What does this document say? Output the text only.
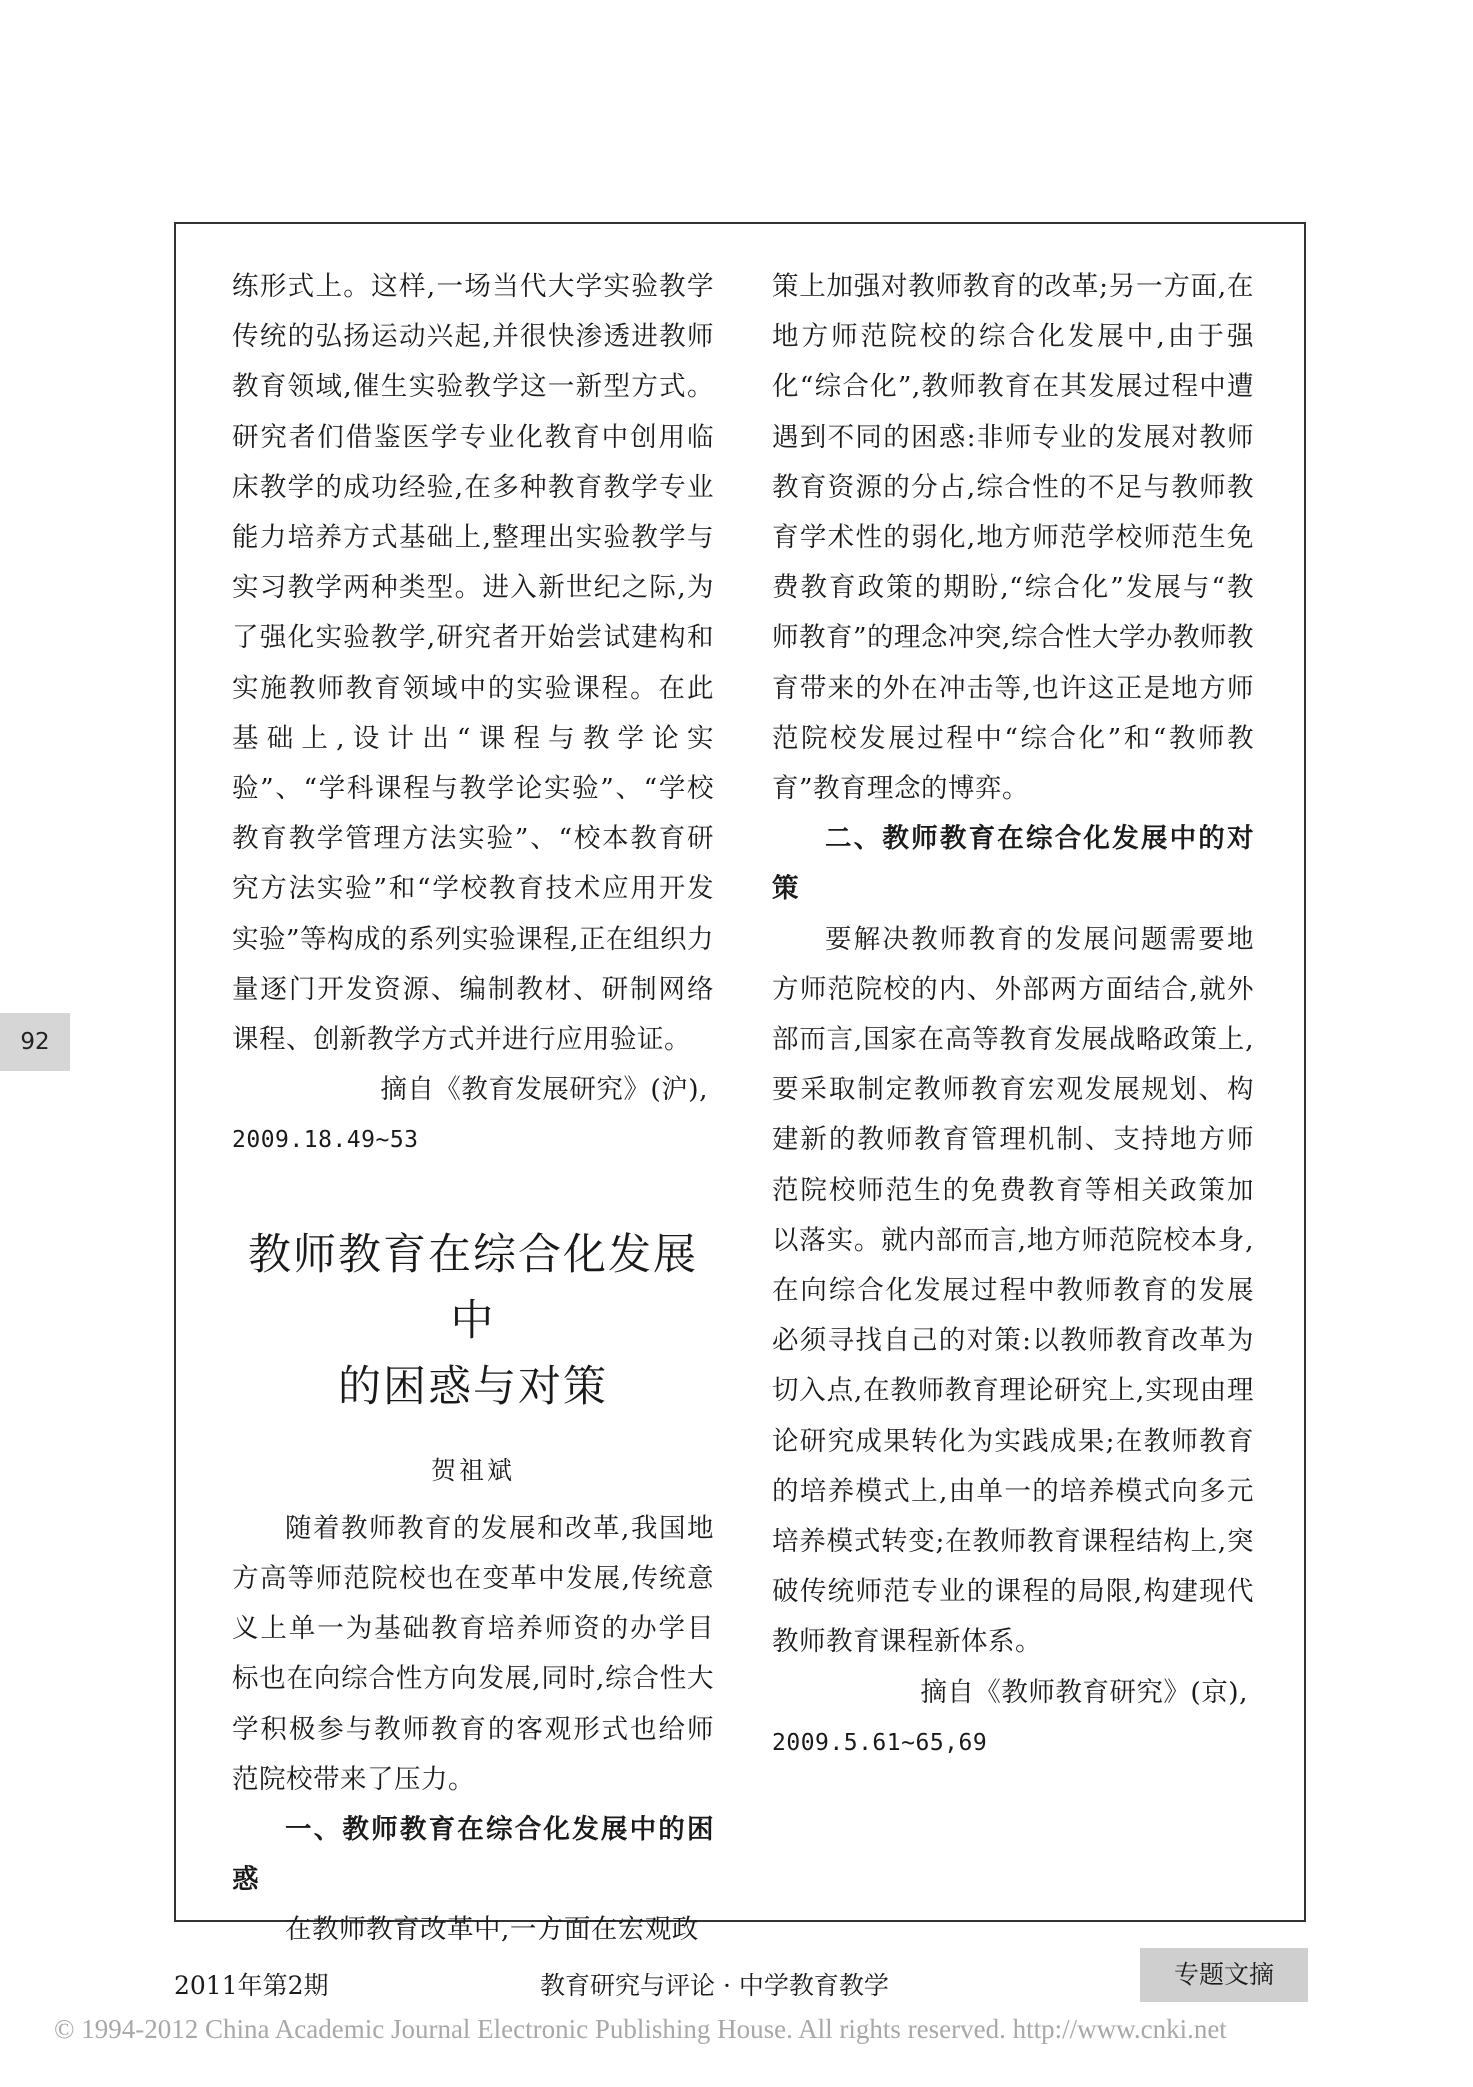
92

练形式上。这样,一场当代大学实验教学传统的弘扬运动兴起,并很快渗透进教师教育领域,催生实验教学这一新型方式。研究者们借鉴医学专业化教育中创用临床教学的成功经验,在多种教育教学专业能力培养方式基础上,整理出实验教学与实习教学两种类型。进入新世纪之际,为了强化实验教学,研究者开始尝试建构和实施教师教育领域中的实验课程。在此基础上,设计出“课程与教学论实验”、“学科课程与教学论实验”、“学校教育教学管理方法实验”、“校本教育研究方法实验”和“学校教育技术应用开发实验”等构成的系列实验课程,正在组织力量逐门开发资源、编制教材、研制网络课程、创新教学方式并进行应用验证。

摘自《教育发展研究》(沪),

2009.18.49~53

教师教育在综合化发展中
的困惑与对策
贺祖斌

随着教师教育的发展和改革,我国地方高等师范院校也在变革中发展,传统意义上单一为基础教育培养师资的办学目标也在向综合性方向发展,同时,综合性大学积极参与教师教育的客观形式也给师范院校带来了压力。

一、教师教育在综合化发展中的困惑

在教师教育改革中,一方面在宏观政

策上加强对教师教育的改革;另一方面,在地方师范院校的综合化发展中,由于强化“综合化”,教师教育在其发展过程中遭遇到不同的困惑:非师专业的发展对教师教育资源的分占,综合性的不足与教师教育学术性的弱化,地方师范学校师范生免费教育政策的期盼,“综合化”发展与“教师教育”的理念冲突,综合性大学办教师教育带来的外在冲击等,也许这正是地方师范院校发展过程中“综合化”和“教师教育”教育理念的博弈。

二、教师教育在综合化发展中的对策

要解决教师教育的发展问题需要地方师范院校的内、外部两方面结合,就外部而言,国家在高等教育发展战略政策上,要采取制定教师教育宏观发展规划、构建新的教师教育管理机制、支持地方师范院校师范生的免费教育等相关政策加以落实。就内部而言,地方师范院校本身,在向综合化发展过程中教师教育的发展必须寻找自己的对策:以教师教育改革为切入点,在教师教育理论研究上,实现由理论研究成果转化为实践成果;在教师教育的培养模式上,由单一的培养模式向多元培养模式转变;在教师教育课程结构上,突破传统师范专业的课程的局限,构建现代教师教育课程新体系。

摘自《教师教育研究》(京),

2009.5.61~65,69

2011年第2期	教育研究与评论 · 中学教育教学	专题文摘
© 1994-2012 China Academic Journal Electronic Publishing House. All rights reserved. http://www.cnki.net
